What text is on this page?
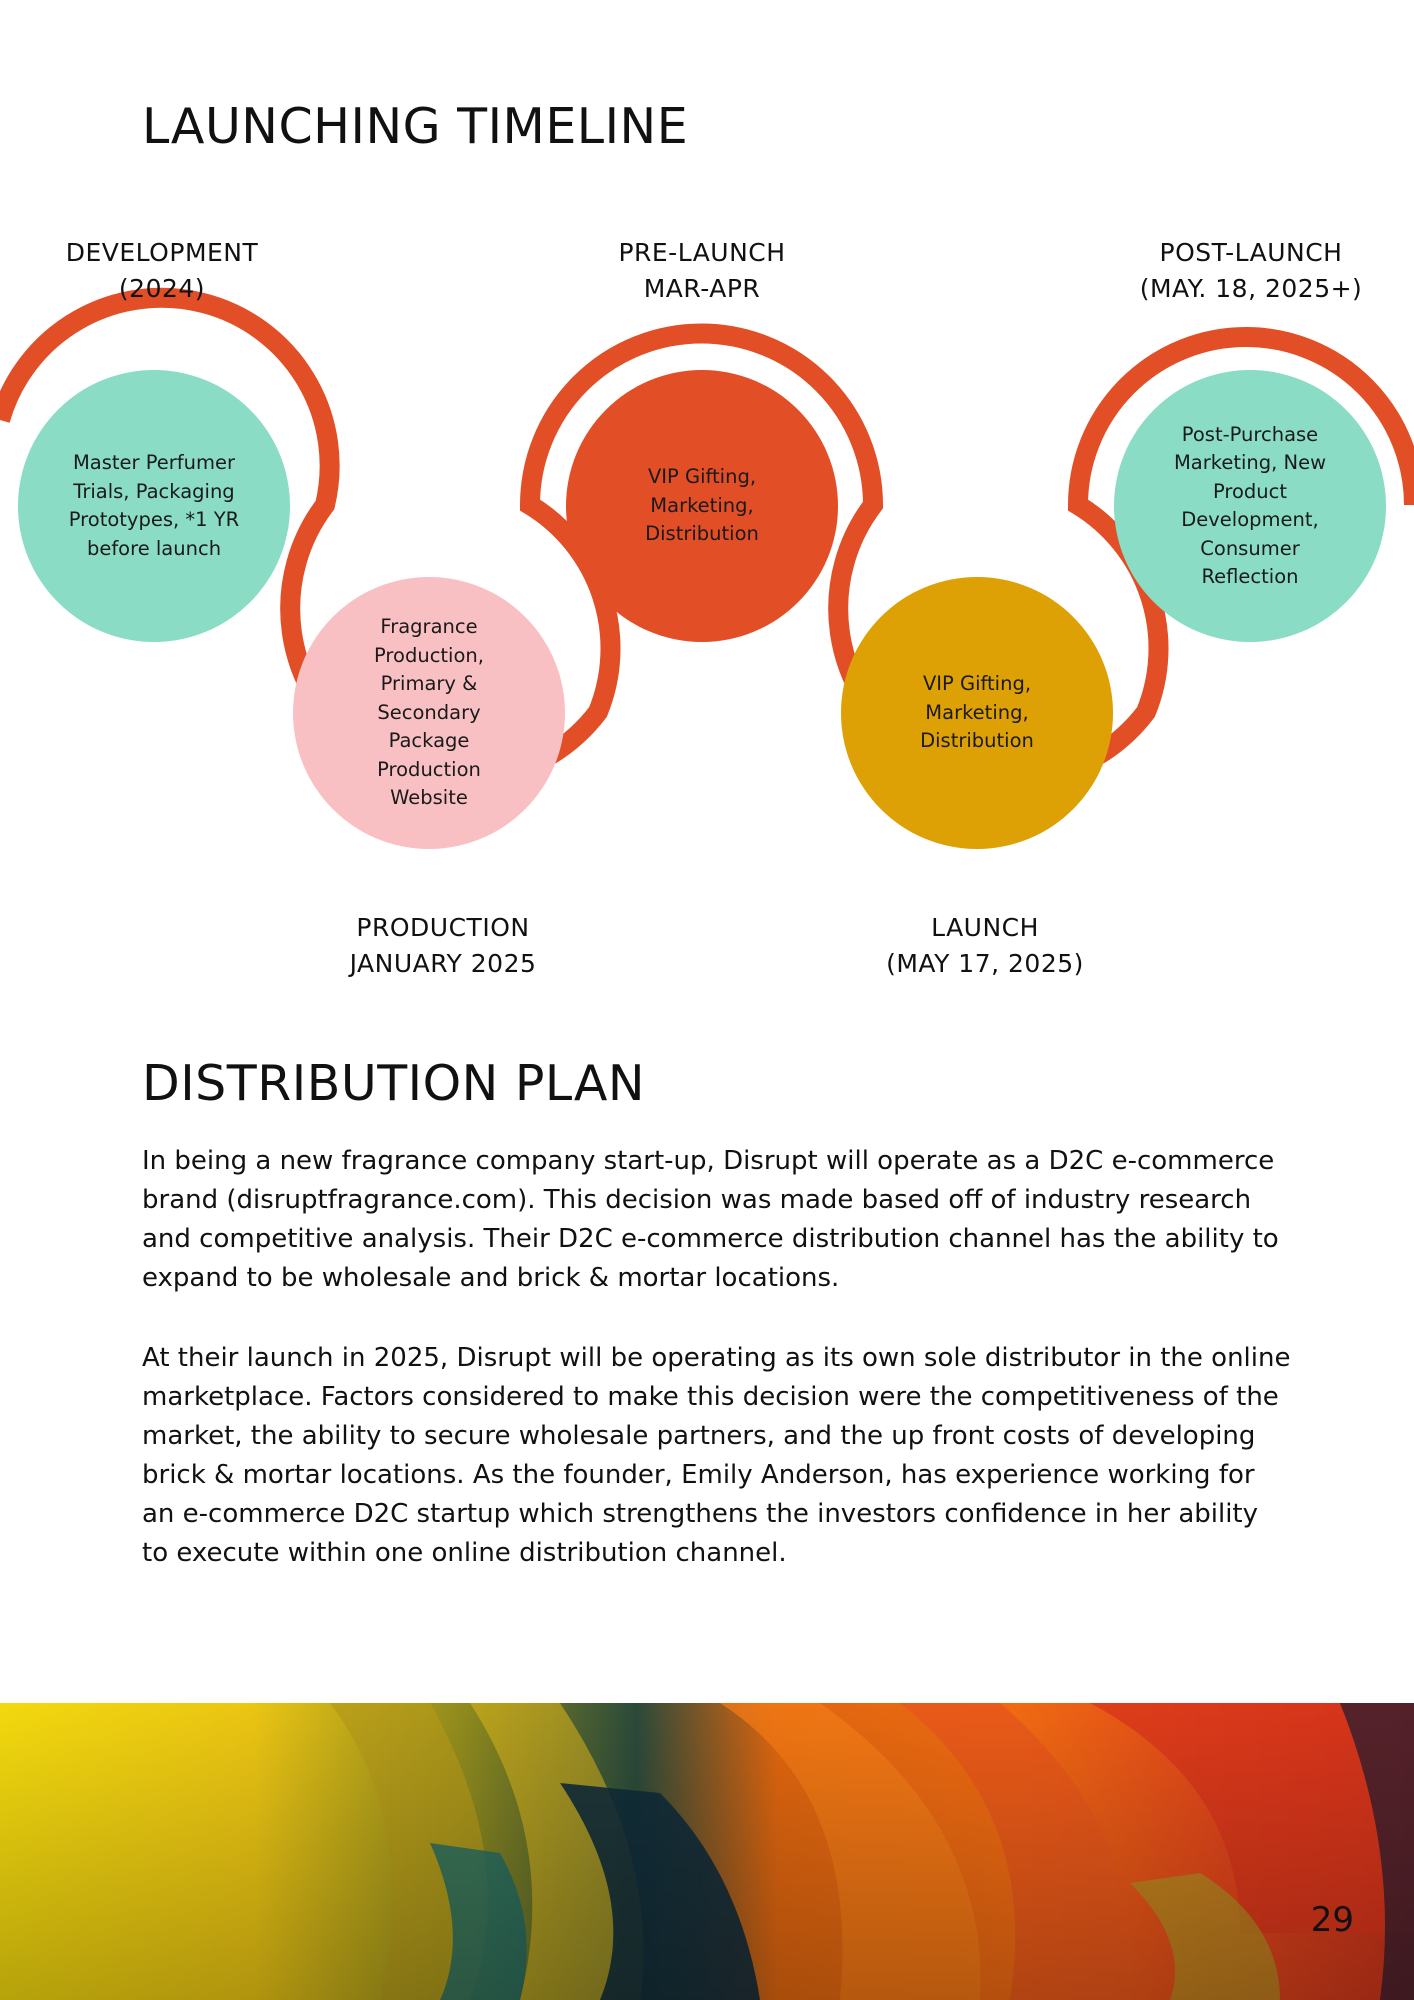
LAUNCHING TIMELINE
DEVELOPMENT
(2024)
PRE-LAUNCH
MAR-APR
POST-LAUNCH
(MAY. 18, 2025+)
PRODUCTION
JANUARY 2025
LAUNCH
(MAY 17, 2025)
Master Perfumer Trials, Packaging Prototypes, *1 YR before launch
Fragrance Production, Primary & Secondary Package Production Website
VIP Gifting, Marketing, Distribution
VIP Gifting, Marketing, Distribution
Post-Purchase Marketing, New Product Development, Consumer Reflection
DISTRIBUTION PLAN

In being a new fragrance company start-up, Disrupt will operate as a D2C e-commerce brand (disruptfragrance.com). This decision was made based off of industry research and competitive analysis. Their D2C e-commerce distribution channel has the ability to expand to be wholesale and brick & mortar locations.

At their launch in 2025, Disrupt will be operating as its own sole distributor in the online marketplace. Factors considered to make this decision were the competitiveness of the market, the ability to secure wholesale partners, and the up front costs of developing brick & mortar locations. As the founder, Emily Anderson, has experience working for an e-commerce D2C startup which strengthens the investors confidence in her ability to execute within one online distribution channel.

29
